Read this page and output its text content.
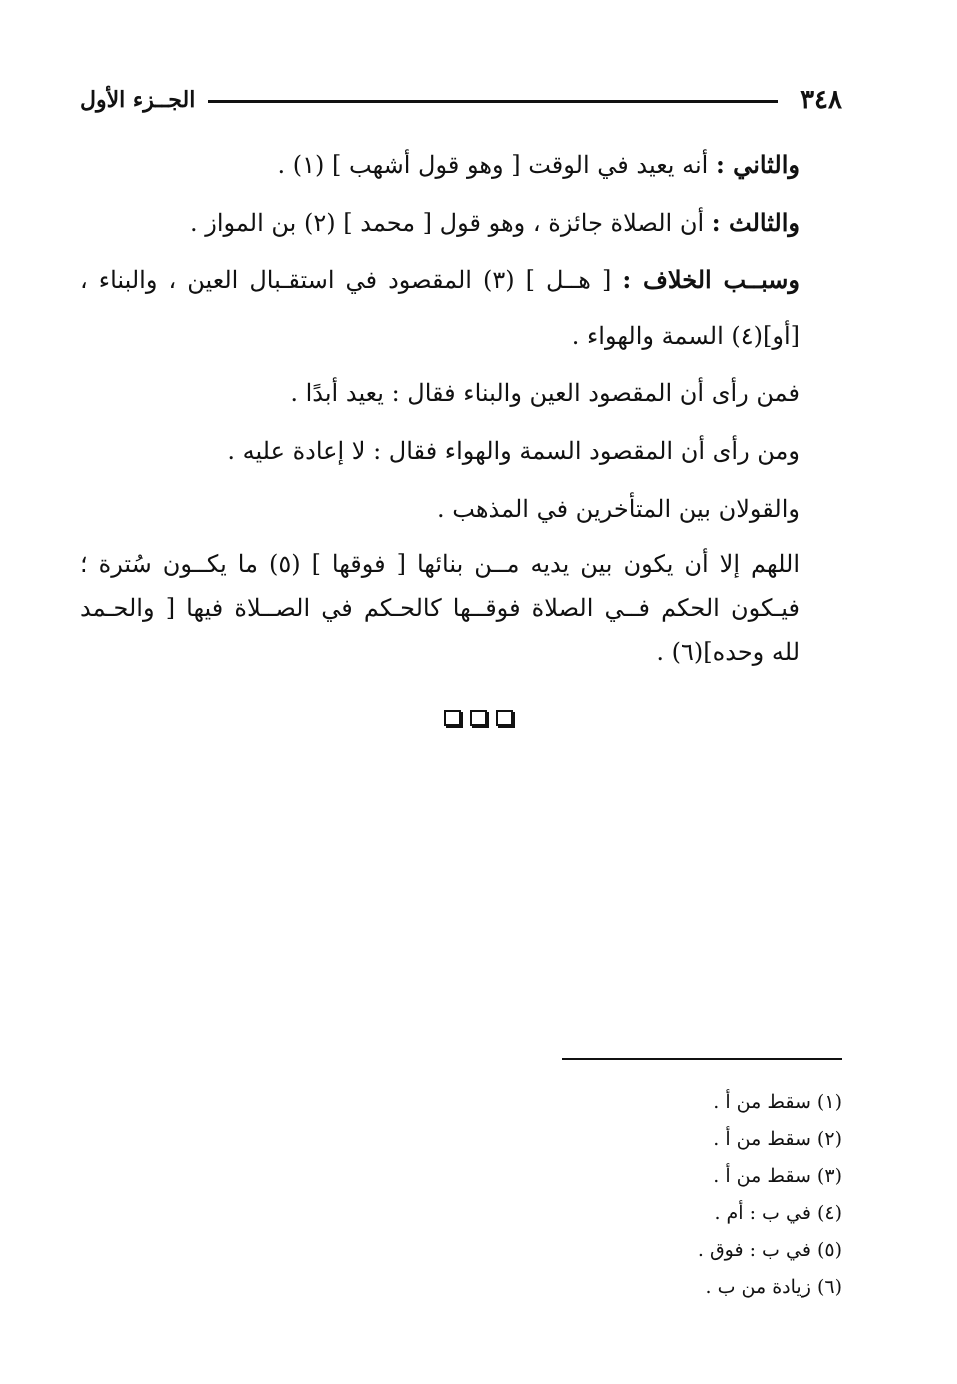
٣٤٨
الجــزء الأول

والثاني : أنه يعيد في الوقت [ وهو قول أشهب ] (١) .

والثالث : أن الصلاة جائزة ، وهو قول [ محمد ] (٢) بن المواز .

وسبــب الخلاف : [ هــل ] (٣) المقصود في استقـبال العين ، والبناء ، [أو](٤) السمة والهواء .

فمن رأى أن المقصود العين والبناء فقال : يعيد أبدًا .

ومن رأى أن المقصود السمة والهواء فقال : لا إعادة عليه .

والقولان بين المتأخرين في المذهب .

اللهم إلا أن يكون بين يديه مــن بنائها [ فوقها ] (٥) ما يكــون سُترة ؛ فيـكون الحكم فــي الصلاة فوقــها كالحـكم في الصــلاة فيها [ والحـمد لله وحده](٦) .

(١) سقط من أ .
(٢) سقط من أ .
(٣) سقط من أ .
(٤) في ب : أم .
(٥) في ب : فوق .
(٦) زيادة من ب .
